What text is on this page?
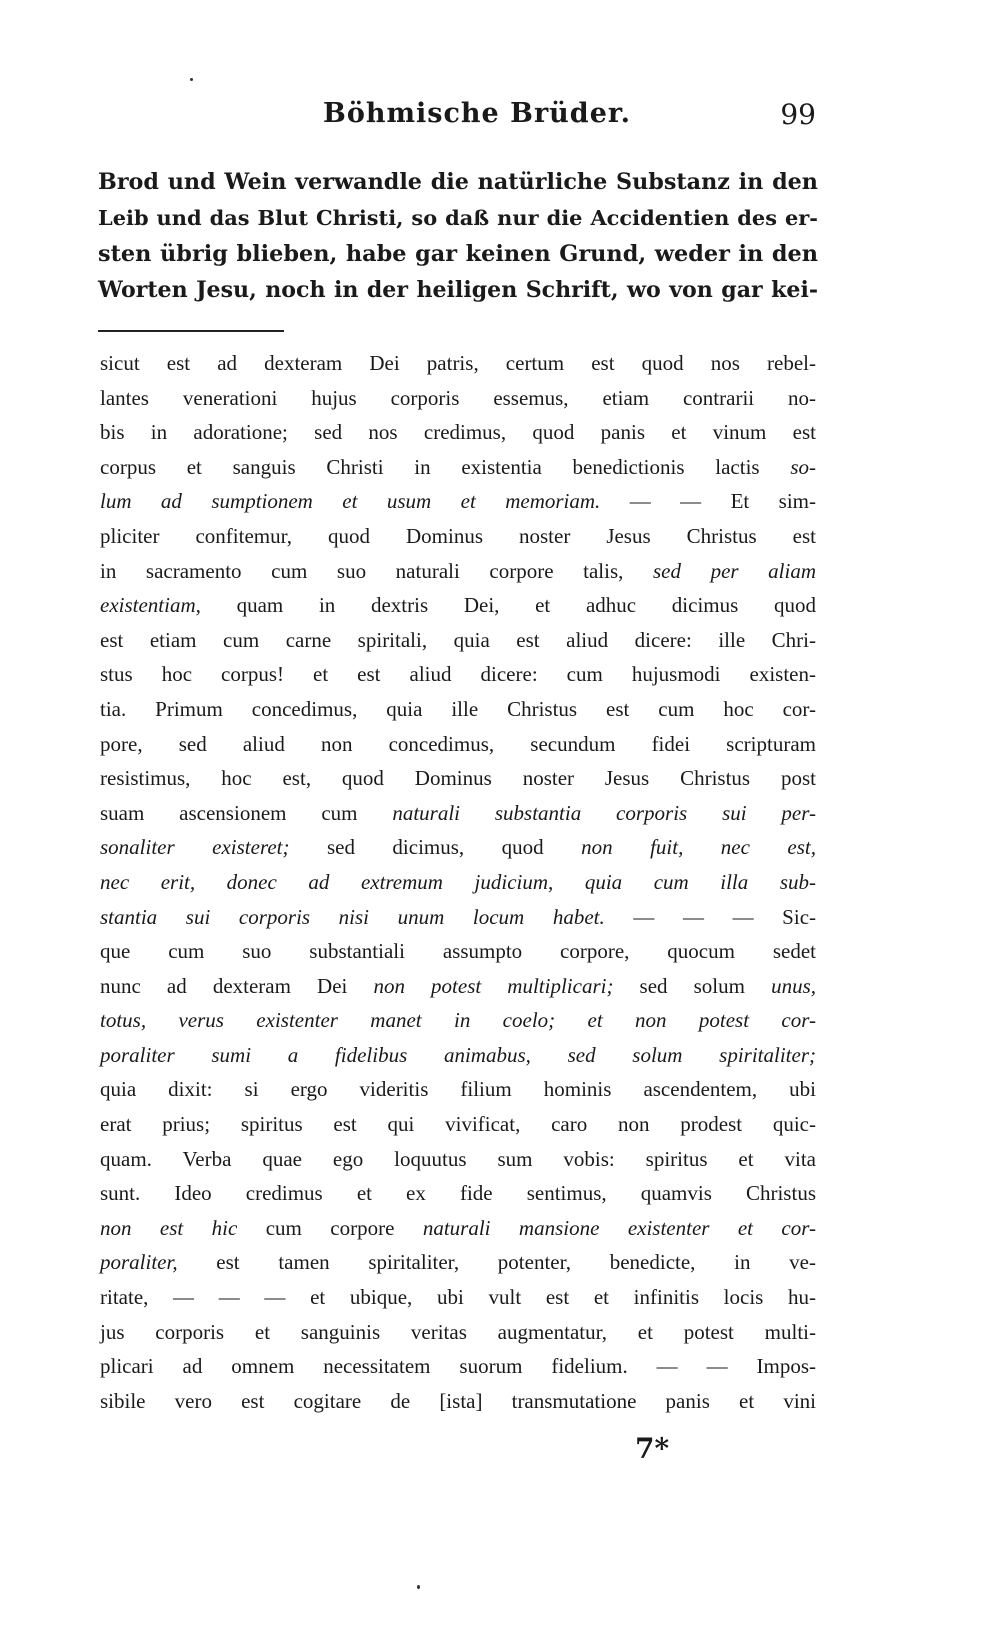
Böhmische Brüder.	99
Brod und Wein verwandle die natürliche Substanz in den
Leib und das Blut Christi, so daß nur die Accidentien des er-
sten übrig blieben, habe gar keinen Grund, weder in den
Worten Jesu, noch in der heiligen Schrift, wo von gar kei-
sicut est ad dexteram Dei patris, certum est quod nos rebel-
lantes venerationi hujus corporis essemus, etiam contrarii no-
bis in adoratione; sed nos credimus, quod panis et vinum est
corpus et sanguis Christi in existentia benedictionis lactis so-
lum ad sumptionem et usum et memoriam. — — Et sim-
pliciter confitemur, quod Dominus noster Jesus Christus est
in sacramento cum suo naturali corpore talis, sed per aliam
existentiam, quam in dextris Dei, et adhuc dicimus quod
est etiam cum carne spiritali, quia est aliud dicere: ille Chri-
stus hoc corpus! et est aliud dicere: cum hujusmodi existen-
tia. Primum concedimus, quia ille Christus est cum hoc cor-
pore, sed aliud non concedimus, secundum fidei scripturam
resistimus, hoc est, quod Dominus noster Jesus Christus post
suam ascensionem cum naturali substantia corporis sui per-
sonaliter existeret; sed dicimus, quod non fuit, nec est,
nec erit, donec ad extremum judicium, quia cum illa sub-
stantia sui corporis nisi unum locum habet. — — — Sic-
que cum suo substantiali assumpto corpore, quocum sedet
nunc ad dexteram Dei non potest multiplicari; sed solum unus,
totus, verus existenter manet in coelo; et non potest cor-
poraliter sumi a fidelibus animabus, sed solum spiritaliter;
quia dixit: si ergo videritis filium hominis ascendentem, ubi
erat prius; spiritus est qui vivificat, caro non prodest quic-
quam. Verba quae ego loquutus sum vobis: spiritus et vita
sunt. Ideo credimus et ex fide sentimus, quamvis Christus
non est hic cum corpore naturali mansione existenter et cor-
poraliter, est tamen spiritaliter, potenter, benedicte, in ve-
ritate, — — — et ubique, ubi vult est et infinitis locis hu-
jus corporis et sanguinis veritas augmentatur, et potest multi-
plicari ad omnem necessitatem suorum fidelium. — — Impos-
sibile vero est cogitare de [ista] transmutatione panis et vini
7*
